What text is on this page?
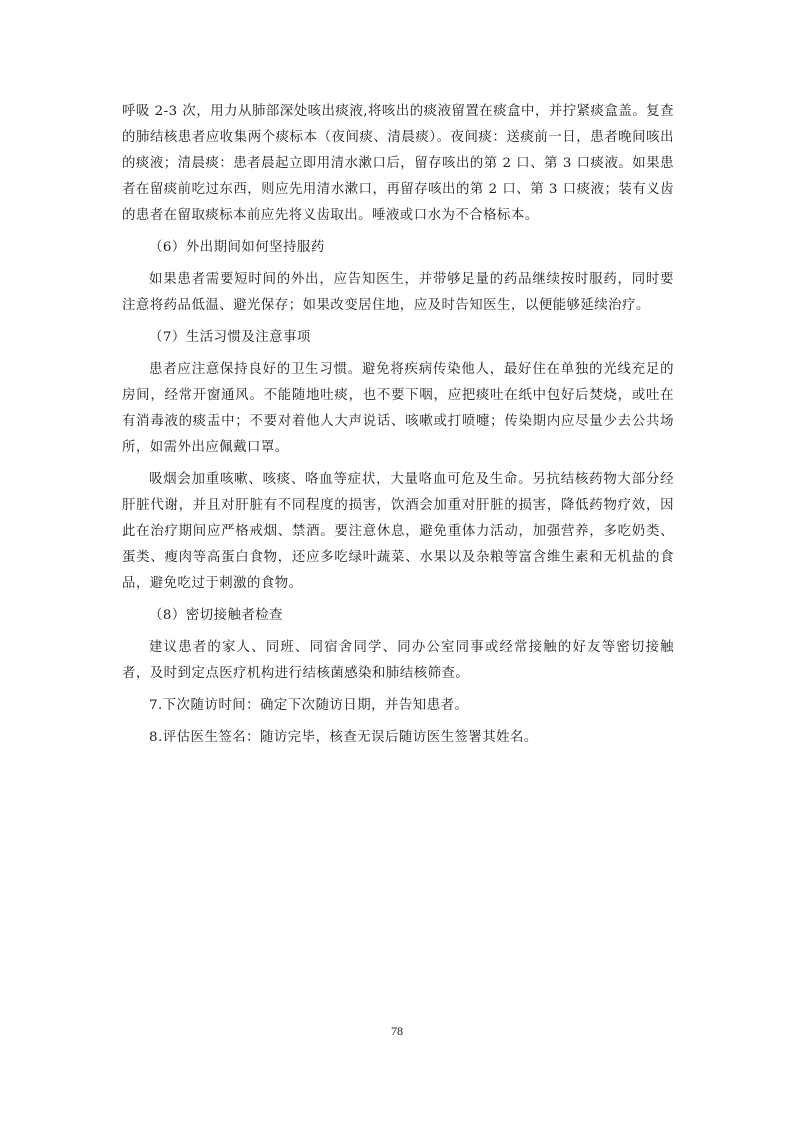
呼吸 2-3 次，用力从肺部深处咳出痰液,将咳出的痰液留置在痰盒中，并拧紧痰盒盖。复查的肺结核患者应收集两个痰标本（夜间痰、清晨痰）。夜间痰：送痰前一日，患者晚间咳出的痰液；清晨痰：患者晨起立即用清水漱口后，留存咳出的第 2 口、第 3 口痰液。如果患者在留痰前吃过东西，则应先用清水漱口，再留存咳出的第 2 口、第 3 口痰液；装有义齿的患者在留取痰标本前应先将义齿取出。唾液或口水为不合格标本。

（6）外出期间如何坚持服药

如果患者需要短时间的外出，应告知医生，并带够足量的药品继续按时服药，同时要注意将药品低温、避光保存；如果改变居住地，应及时告知医生，以便能够延续治疗。

（7）生活习惯及注意事项

患者应注意保持良好的卫生习惯。避免将疾病传染他人，最好住在单独的光线充足的房间，经常开窗通风。不能随地吐痰，也不要下咽，应把痰吐在纸中包好后焚烧，或吐在有消毒液的痰盂中；不要对着他人大声说话、咳嗽或打喷嚏；传染期内应尽量少去公共场所，如需外出应佩戴口罩。

吸烟会加重咳嗽、咳痰、咯血等症状，大量咯血可危及生命。另抗结核药物大部分经肝脏代谢，并且对肝脏有不同程度的损害，饮酒会加重对肝脏的损害，降低药物疗效，因此在治疗期间应严格戒烟、禁酒。要注意休息，避免重体力活动，加强营养，多吃奶类、蛋类、瘦肉等高蛋白食物，还应多吃绿叶蔬菜、水果以及杂粮等富含维生素和无机盐的食品，避免吃过于刺激的食物。

（8）密切接触者检查

建议患者的家人、同班、同宿舍同学、同办公室同事或经常接触的好友等密切接触者，及时到定点医疗机构进行结核菌感染和肺结核筛查。

7.下次随访时间：确定下次随访日期，并告知患者。

8.评估医生签名：随访完毕，核查无误后随访医生签署其姓名。

78
